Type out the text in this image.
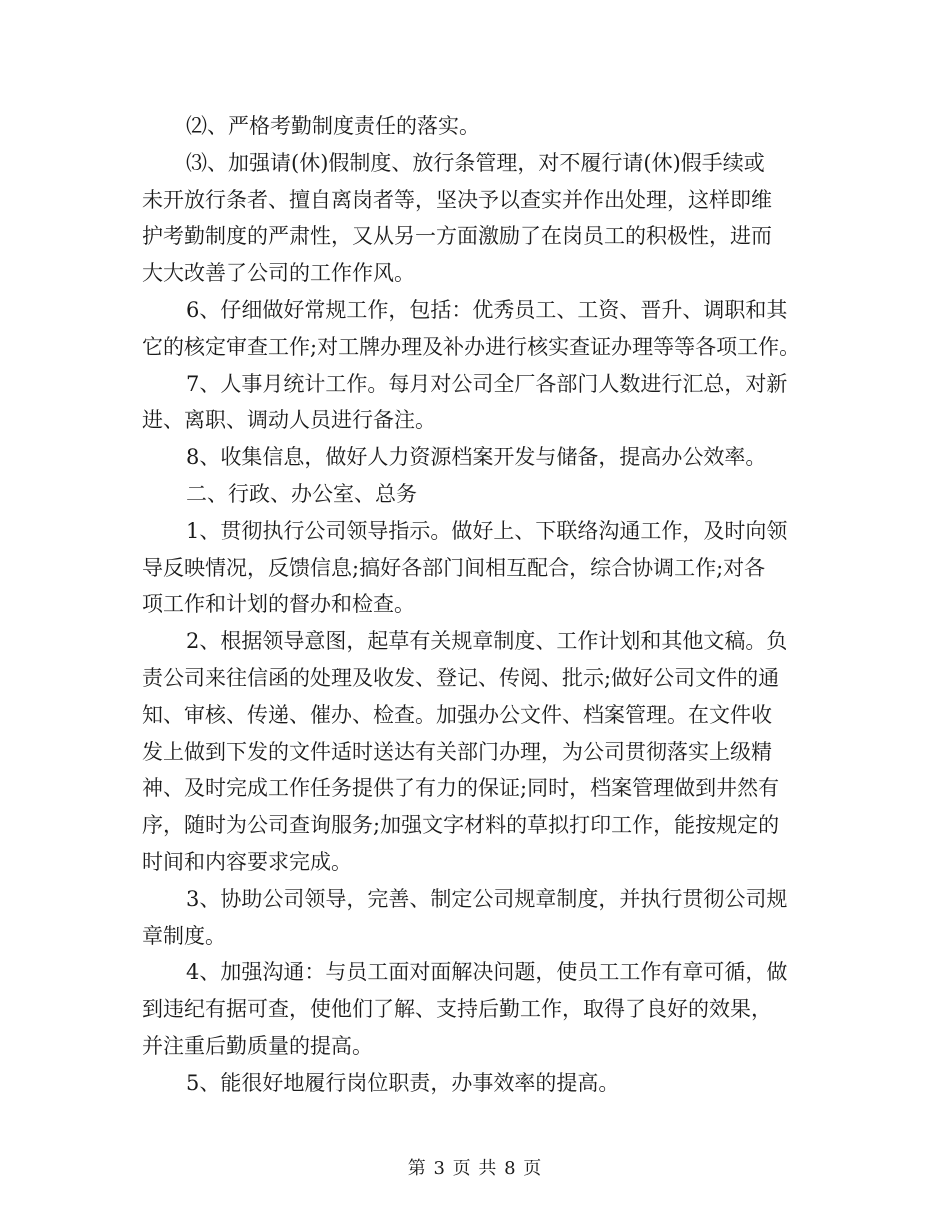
⑵、严格考勤制度责任的落实。

⑶、加强请(休)假制度、放行条管理，对不履行请(休)假手续或
未开放行条者、擅自离岗者等，坚决予以查实并作出处理，这样即维
护考勤制度的严肃性，又从另一方面激励了在岗员工的积极性，进而
大大改善了公司的工作作风。

6、仔细做好常规工作，包括：优秀员工、工资、晋升、调职和其
它的核定审查工作;对工牌办理及补办进行核实查证办理等等各项工作。

7、人事月统计工作。每月对公司全厂各部门人数进行汇总，对新
进、离职、调动人员进行备注。

8、收集信息，做好人力资源档案开发与储备，提高办公效率。

二、行政、办公室、总务

1、贯彻执行公司领导指示。做好上、下联络沟通工作，及时向领
导反映情况，反馈信息;搞好各部门间相互配合，综合协调工作;对各
项工作和计划的督办和检查。

2、根据领导意图，起草有关规章制度、工作计划和其他文稿。负
责公司来往信函的处理及收发、登记、传阅、批示;做好公司文件的通
知、审核、传递、催办、检查。加强办公文件、档案管理。在文件收
发上做到下发的文件适时送达有关部门办理，为公司贯彻落实上级精
神、及时完成工作任务提供了有力的保证;同时，档案管理做到井然有
序，随时为公司查询服务;加强文字材料的草拟打印工作，能按规定的
时间和内容要求完成。

3、协助公司领导，完善、制定公司规章制度，并执行贯彻公司规
章制度。

4、加强沟通：与员工面对面解决问题，使员工工作有章可循，做
到违纪有据可查，使他们了解、支持后勤工作，取得了良好的效果，
并注重后勤质量的提高。

5、能很好地履行岗位职责，办事效率的提高。

第 3 页 共 8 页
